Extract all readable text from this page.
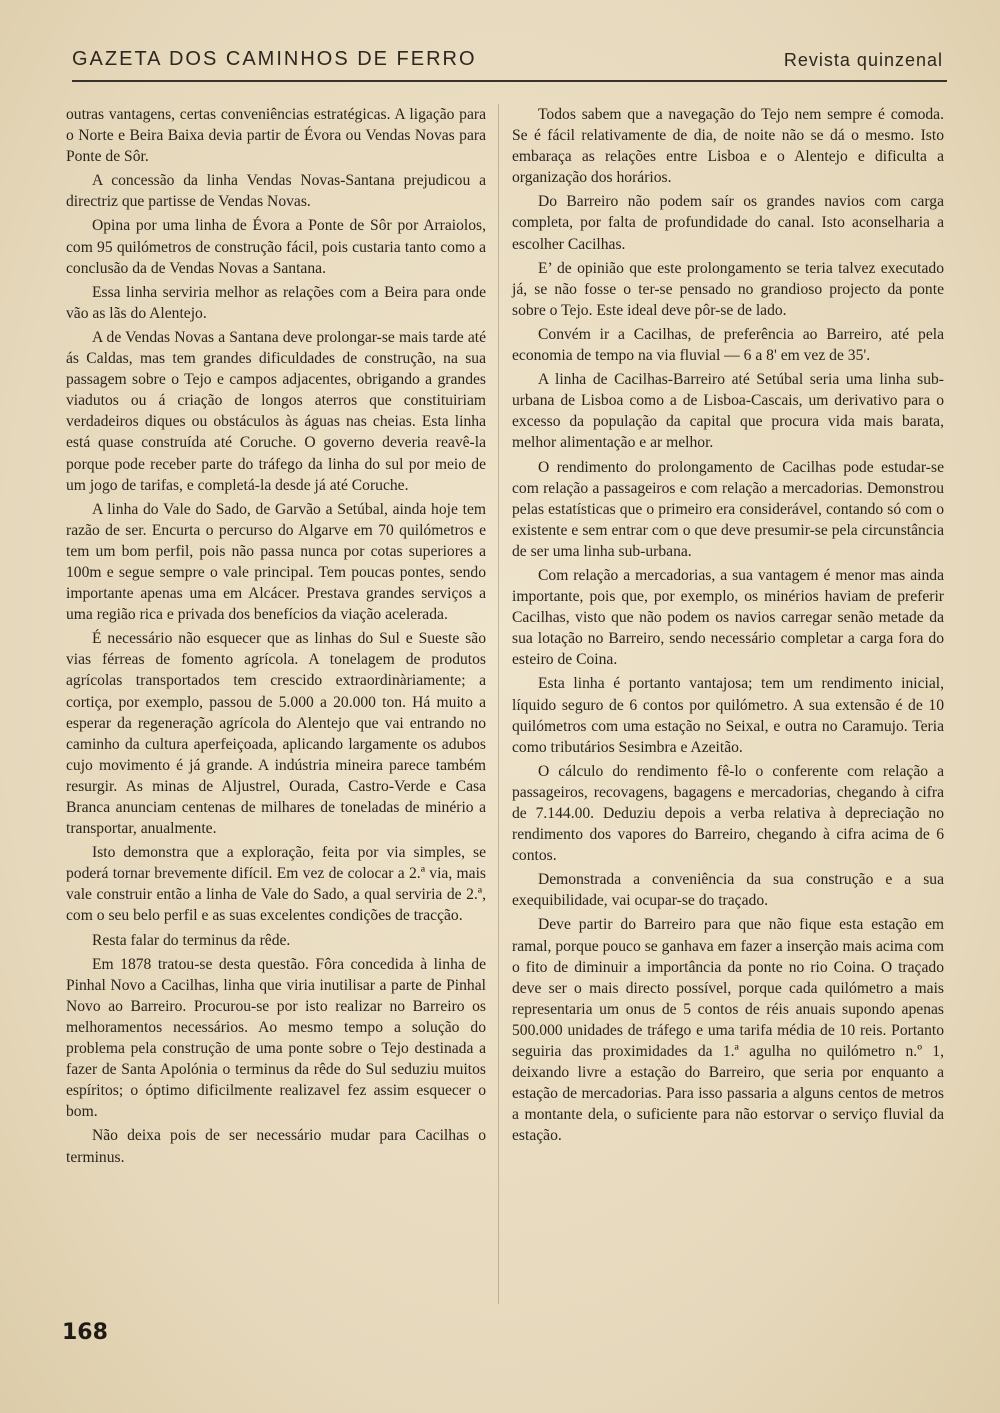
GAZETA DOS CAMINHOS DE FERRO	Revista quinzenal

outras vantagens, certas conveniências estratégicas. A ligação para o Norte e Beira Baixa devia partir de Évora ou Vendas Novas para Ponte de Sôr.

A concessão da linha Vendas Novas-Santana prejudicou a directriz que partisse de Vendas Novas.

Opina por uma linha de Évora a Ponte de Sôr por Arraiolos, com 95 quilómetros de construção fácil, pois custaria tanto como a conclusão da de Vendas Novas a Santana.

Essa linha serviria melhor as relações com a Beira para onde vão as lãs do Alentejo.

A de Vendas Novas a Santana deve prolongar-se mais tarde até ás Caldas, mas tem grandes dificuldades de construção, na sua passagem sobre o Tejo e campos adjacentes, obrigando a grandes viadutos ou á criação de longos aterros que constituiriam verdadeiros diques ou obstáculos às águas nas cheias. Esta linha está quase construída até Coruche. O governo deveria reavê-la porque pode receber parte do tráfego da linha do sul por meio de um jogo de tarifas, e completá-la desde já até Coruche.

A linha do Vale do Sado, de Garvão a Setúbal, ainda hoje tem razão de ser. Encurta o percurso do Algarve em 70 quilómetros e tem um bom perfil, pois não passa nunca por cotas superiores a 100m e segue sempre o vale principal. Tem poucas pontes, sendo importante apenas uma em Alcácer. Prestava grandes serviços a uma região rica e privada dos benefícios da viação acelerada.

É necessário não esquecer que as linhas do Sul e Sueste são vias férreas de fomento agrícola. A tonelagem de produtos agrícolas transportados tem crescido extraordinàriamente; a cortiça, por exemplo, passou de 5.000 a 20.000 ton. Há muito a esperar da regeneração agrícola do Alentejo que vai entrando no caminho da cultura aperfeiçoada, aplicando largamente os adubos cujo movimento é já grande. A indústria mineira parece também resurgir. As minas de Aljustrel, Ourada, Castro-Verde e Casa Branca anunciam centenas de milhares de toneladas de minério a transportar, anualmente.

Isto demonstra que a exploração, feita por via simples, se poderá tornar brevemente difícil. Em vez de colocar a 2.ª via, mais vale construir então a linha de Vale do Sado, a qual serviria de 2.ª, com o seu belo perfil e as suas excelentes condições de tracção.

Resta falar do terminus da rêde.

Em 1878 tratou-se desta questão. Fôra concedida à linha de Pinhal Novo a Cacilhas, linha que viria inutilisar a parte de Pinhal Novo ao Barreiro. Procurou-se por isto realizar no Barreiro os melhoramentos necessários. Ao mesmo tempo a solução do problema pela construção de uma ponte sobre o Tejo destinada a fazer de Santa Apolónia o terminus da rêde do Sul seduziu muitos espíritos; o óptimo dificilmente realizavel fez assim esquecer o bom.

Não deixa pois de ser necessário mudar para Cacilhas o terminus.

Todos sabem que a navegação do Tejo nem sempre é comoda. Se é fácil relativamente de dia, de noite não se dá o mesmo. Isto embaraça as relações entre Lisboa e o Alentejo e dificulta a organização dos horários.

Do Barreiro não podem saír os grandes navios com carga completa, por falta de profundidade do canal. Isto aconselharia a escolher Cacilhas.

E’ de opinião que este prolongamento se teria talvez executado já, se não fosse o ter-se pensado no grandioso projecto da ponte sobre o Tejo. Este ideal deve pôr-se de lado.

Convém ir a Cacilhas, de preferência ao Barreiro, até pela economia de tempo na via fluvial — 6 a 8' em vez de 35'.

A linha de Cacilhas-Barreiro até Setúbal seria uma linha sub-urbana de Lisboa como a de Lisboa-Cascais, um derivativo para o excesso da população da capital que procura vida mais barata, melhor alimentação e ar melhor.

O rendimento do prolongamento de Cacilhas pode estudar-se com relação a passageiros e com relação a mercadorias. Demonstrou pelas estatísticas que o primeiro era considerável, contando só com o existente e sem entrar com o que deve presumir-se pela circunstância de ser uma linha sub-urbana.

Com relação a mercadorias, a sua vantagem é menor mas ainda importante, pois que, por exemplo, os minérios haviam de preferir Cacilhas, visto que não podem os navios carregar senão metade da sua lotação no Barreiro, sendo necessário completar a carga fora do esteiro de Coina.

Esta linha é portanto vantajosa; tem um rendimento inicial, líquido seguro de 6 contos por quilómetro. A sua extensão é de 10 quilómetros com uma estação no Seixal, e outra no Caramujo. Teria como tributários Sesimbra e Azeitão.

O cálculo do rendimento fê-lo o conferente com relação a passageiros, recovagens, bagagens e mercadorias, chegando à cifra de 7.144.00. Deduziu depois a verba relativa à depreciação no rendimento dos vapores do Barreiro, chegando à cifra acima de 6 contos.

Demonstrada a conveniência da sua construção e a sua exequibilidade, vai ocupar-se do traçado.

Deve partir do Barreiro para que não fique esta estação em ramal, porque pouco se ganhava em fazer a inserção mais acima com o fito de diminuir a importância da ponte no rio Coina. O traçado deve ser o mais directo possível, porque cada quilómetro a mais representaria um onus de 5 contos de réis anuais supondo apenas 500.000 unidades de tráfego e uma tarifa média de 10 reis. Portanto seguiria das proximidades da 1.ª agulha no quilómetro n.º 1, deixando livre a estação do Barreiro, que seria por enquanto a estação de mercadorias. Para isso passaria a alguns centos de metros a montante dela, o suficiente para não estorvar o serviço fluvial da estação.

168
